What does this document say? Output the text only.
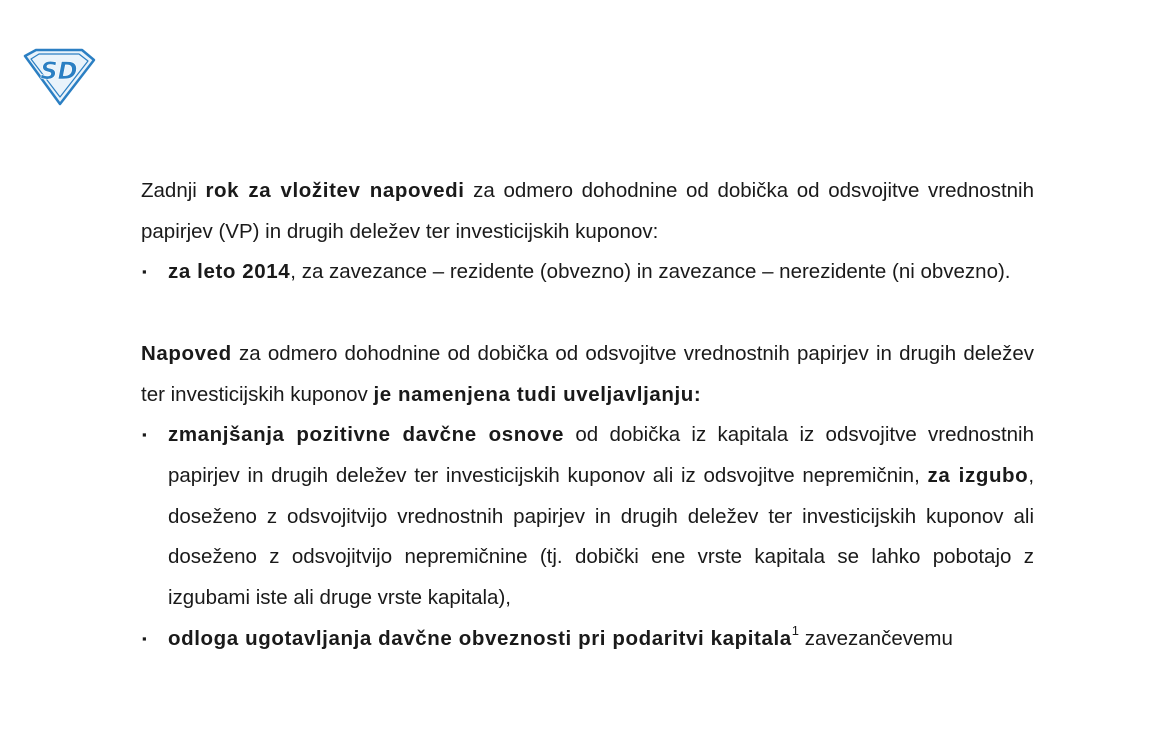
SD

Zadnji rok za vložitev napovedi za odmero dohodnine od dobička od odsvojitve vrednostnih papirjev (VP) in drugih deležev ter investicijskih kuponov:

▪ za leto 2014, za zavezance – rezidente (obvezno) in zavezance – nerezidente (ni obvezno).

Napoved za odmero dohodnine od dobička od odsvojitve vrednostnih papirjev in drugih deležev ter investicijskih kuponov je namenjena tudi uveljavljanju:

▪ zmanjšanja pozitivne davčne osnove od dobička iz kapitala iz odsvojitve vrednostnih papirjev in drugih deležev ter investicijskih kuponov ali iz odsvojitve nepremičnin, za izgubo, doseženo z odsvojitvijo vrednostnih papirjev in drugih deležev ter investicijskih kuponov ali doseženo z odsvojitvijo nepremičnine (tj. dobički ene vrste kapitala se lahko pobotajo z izgubami iste ali druge vrste kapitala),
▪ odloga ugotavljanja davčne obveznosti pri podaritvi kapitala$^1$ zavezančevemu
